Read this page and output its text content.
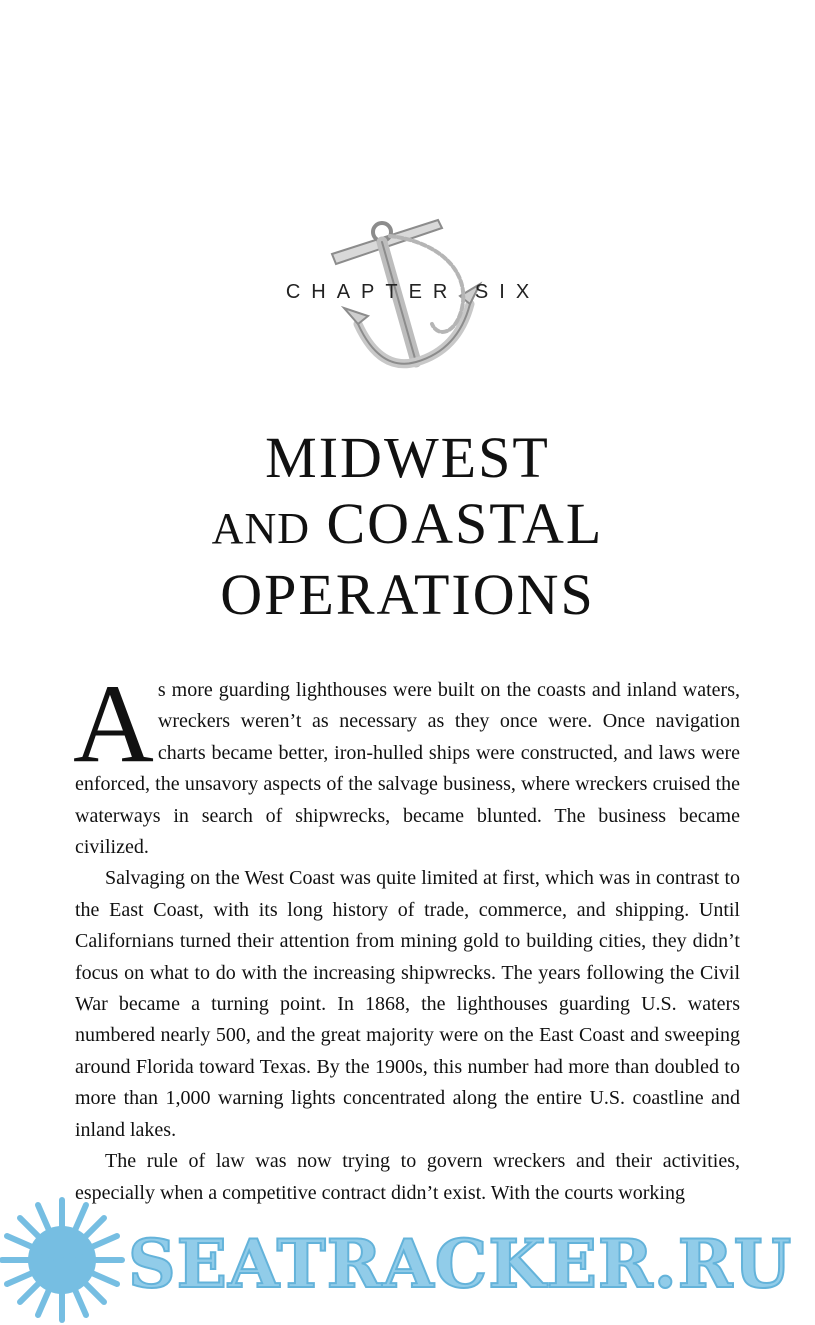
CHAPTER SIX
MIDWEST
AND COASTAL
OPERATIONS

As more guarding lighthouses were built on the coasts and inland waters, wreckers weren’t as necessary as they once were. Once navigation charts became better, iron-hulled ships were constructed, and laws were enforced, the unsavory aspects of the salvage business, where wreckers cruised the waterways in search of shipwrecks, became blunted. The business became civilized.

Salvaging on the West Coast was quite limited at first, which was in contrast to the East Coast, with its long history of trade, commerce, and shipping. Until Californians turned their attention from mining gold to building cities, they didn’t focus on what to do with the increasing shipwrecks. The years following the Civil War became a turning point. In 1868, the lighthouses guarding U.S. waters numbered nearly 500, and the great majority were on the East Coast and sweeping around Florida toward Texas. By the 1900s, this number had more than doubled to more than 1,000 warning lights concentrated along the entire U.S. coastline and inland lakes.

The rule of law was now trying to govern wreckers and their activities, especially when a competitive contract didn’t exist. With the courts working

SEATRACKER.RU
